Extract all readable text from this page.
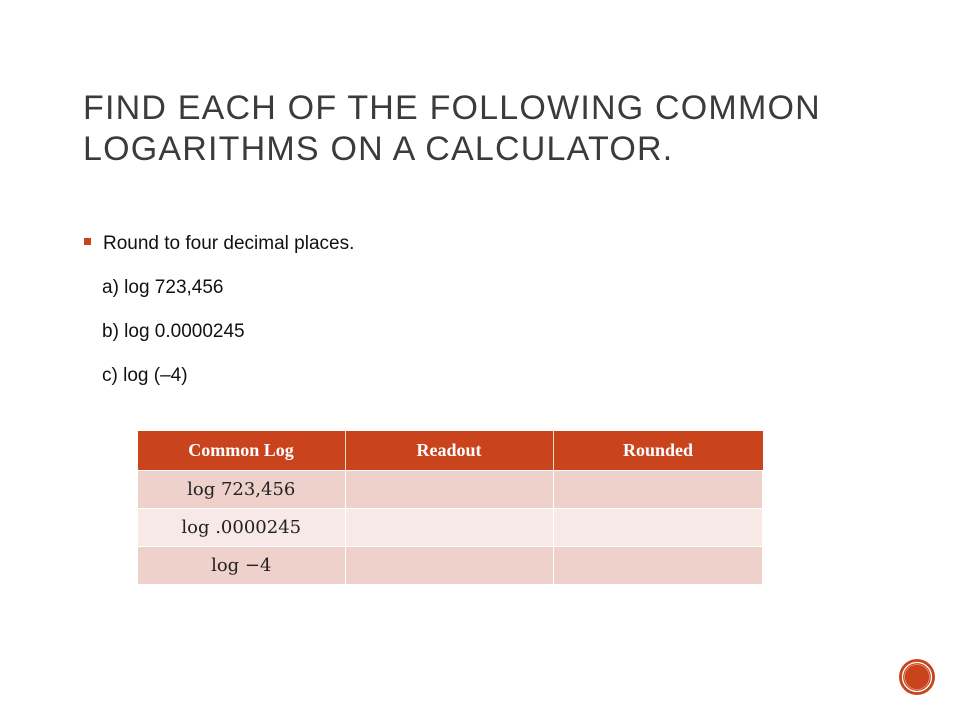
FIND EACH OF THE FOLLOWING COMMON
LOGARITHMS ON A CALCULATOR.
Round to four decimal places.
a) log 723,456
b) log 0.0000245
c) log (–4)
Common Log	Readout	Rounded
log 723,456		
log .0000245		
log −4		
